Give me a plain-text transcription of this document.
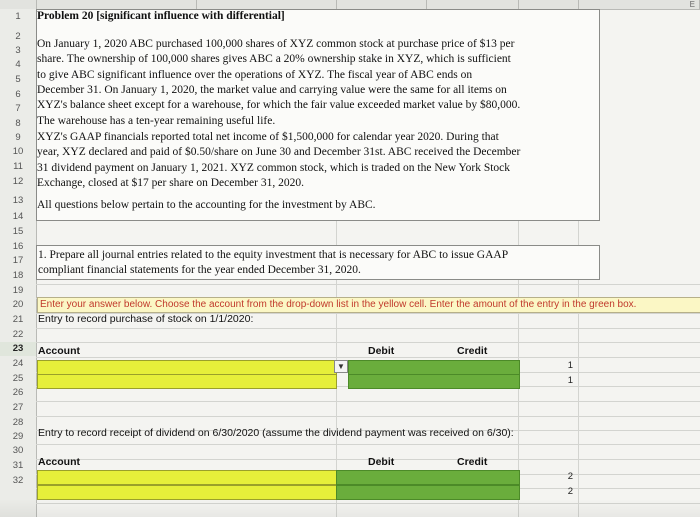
E
1
2
3
4
5
6
7
8
9
10
11
12
13
14
15
16
17
18
19
20
21
22
23
24
25
26
27
28
29
30
31
32
Problem 20 [significant influence with differential]
On January 1, 2020 ABC purchased 100,000 shares of XYZ common stock at purchase price of $13 per
share. The ownership of 100,000 shares gives ABC a 20% ownership stake in XYZ, which is sufficient
to give ABC significant influence over the operations of XYZ. The fiscal year of ABC ends on
December 31. On January 1, 2020, the market value and carrying value were the same for all items on
XYZ's balance sheet except for a warehouse, for which the fair value exceeded market value by $80,000.
The warehouse has a ten-year remaining useful life.
XYZ's GAAP financials reported total net income of $1,500,000 for calendar year 2020. During that
year, XYZ declared and paid of $0.50/share on June 30 and December 31st. ABC received the December
31 dividend payment on January 1, 2021. XYZ common stock, which is traded on the New York Stock
Exchange, closed at $17 per share on December 31, 2020.
All questions below pertain to the accounting for the investment by ABC.
1. Prepare all journal entries related to the equity investment that is necessary for ABC to issue GAAP
compliant financial statements for the year ended December 31, 2020.
Enter your answer below. Choose the account from the drop-down list in the yellow cell. Enter the amount of the entry in the green box.
Entry to record purchase of stock on 1/1/2020:
Account	Debit	Credit
▼	1
1
Entry to record receipt of dividend on 6/30/2020 (assume the dividend payment was received on 6/30):
Account	Debit	Credit
2
2
